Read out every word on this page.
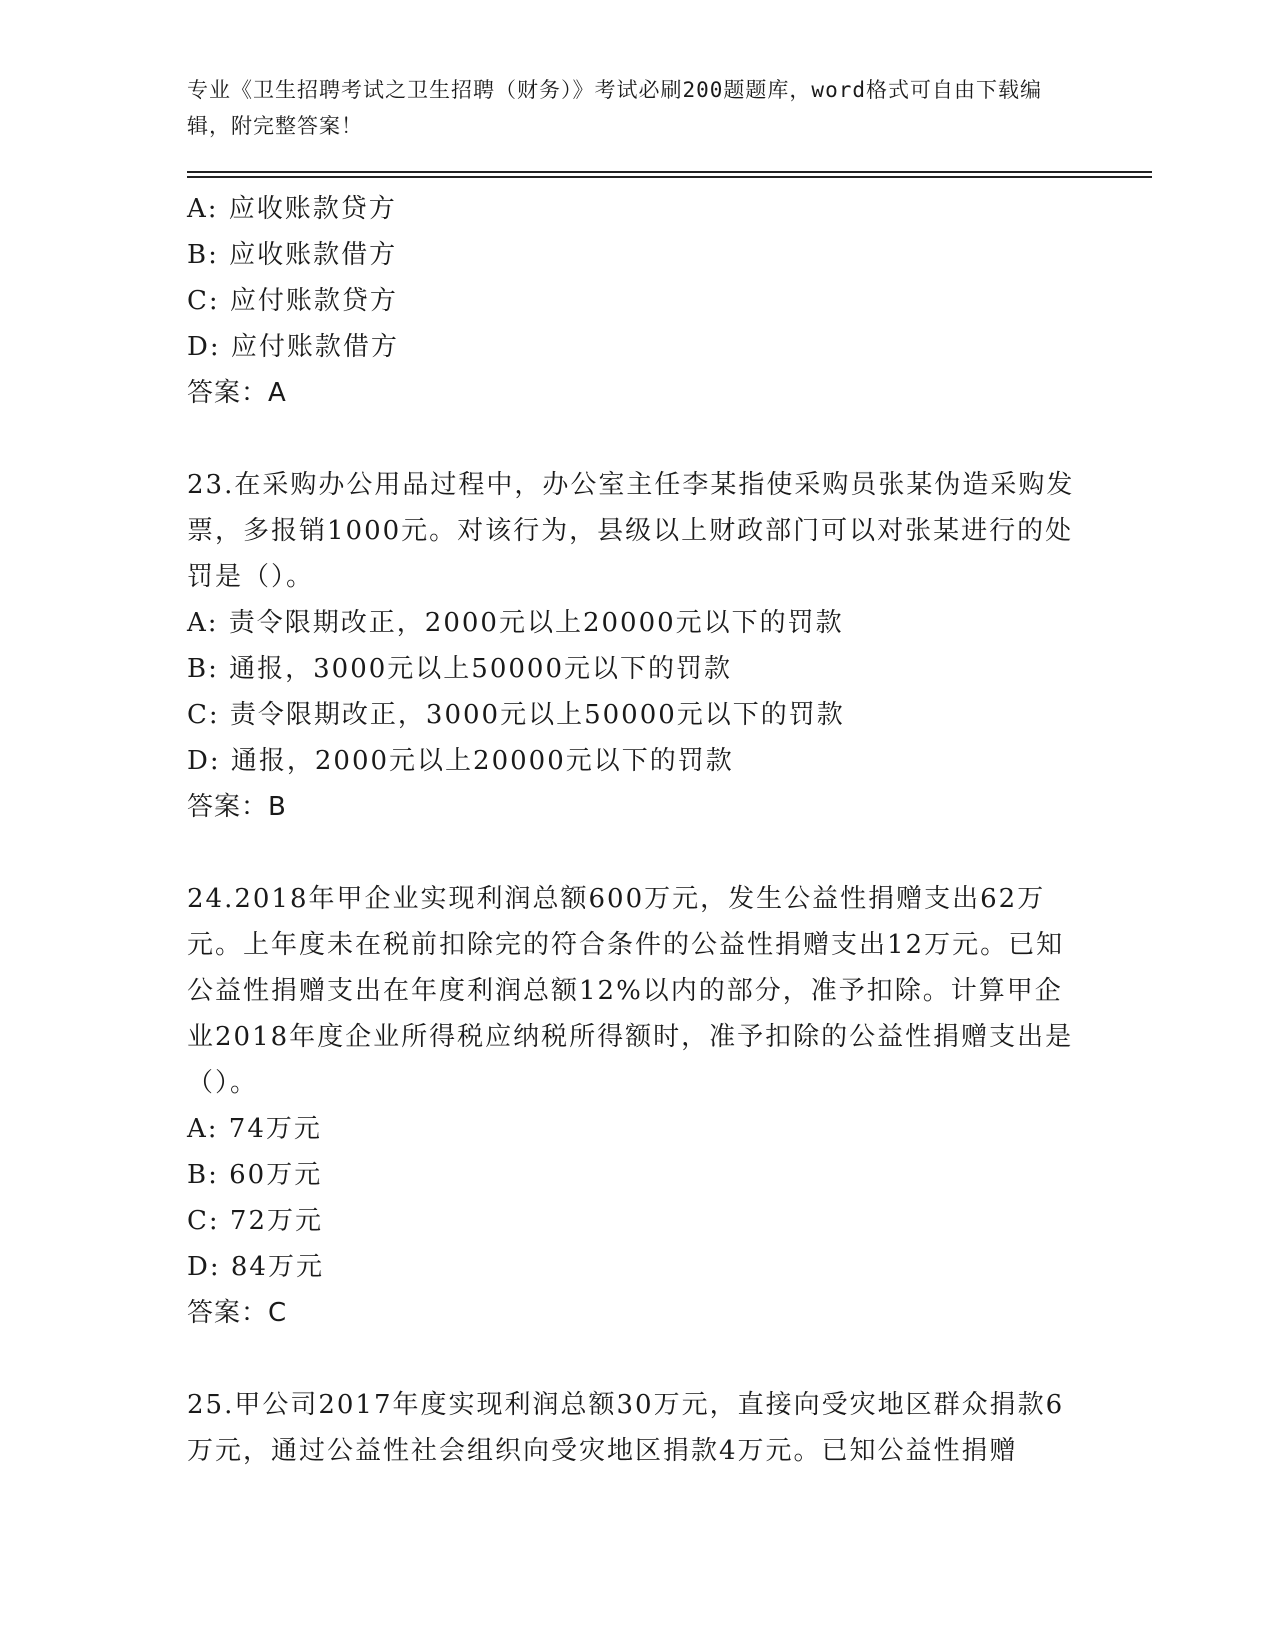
专业《卫生招聘考试之卫生招聘（财务）》考试必刷200题题库，word格式可自由下载编辑，附完整答案！
A: 应收账款贷方
B: 应收账款借方
C: 应付账款贷方
D: 应付账款借方
答案：A
23.在采购办公用品过程中，办公室主任李某指使采购员张某伪造采购发票，多报销1000元。对该行为，县级以上财政部门可以对张某进行的处罚是（）。
A: 责令限期改正，2000元以上20000元以下的罚款
B: 通报，3000元以上50000元以下的罚款
C: 责令限期改正，3000元以上50000元以下的罚款
D: 通报，2000元以上20000元以下的罚款
答案：B
24.2018年甲企业实现利润总额600万元，发生公益性捐赠支出62万元。上年度未在税前扣除完的符合条件的公益性捐赠支出12万元。已知公益性捐赠支出在年度利润总额12%以内的部分，准予扣除。计算甲企业2018年度企业所得税应纳税所得额时，准予扣除的公益性捐赠支出是（）。
A: 74万元
B: 60万元
C: 72万元
D: 84万元
答案：C
25.甲公司2017年度实现利润总额30万元，直接向受灾地区群众捐款6万元，通过公益性社会组织向受灾地区捐款4万元。已知公益性捐赠
